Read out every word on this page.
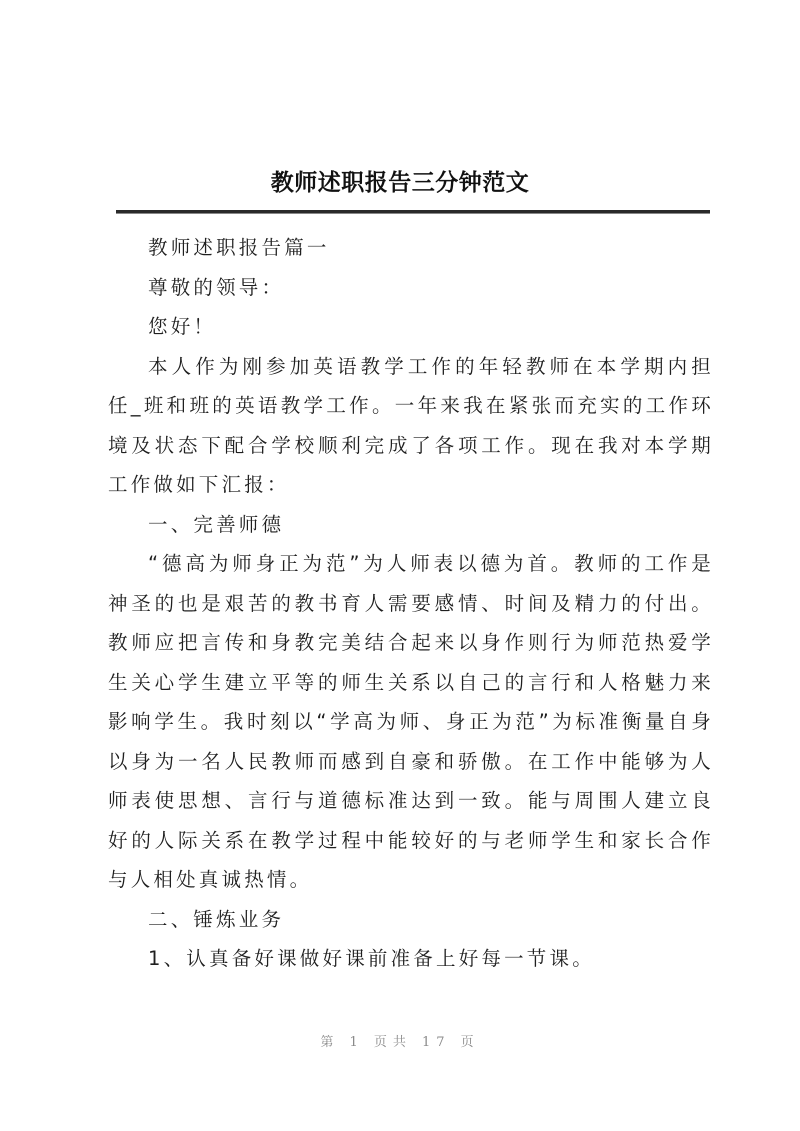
教师述职报告三分钟范文

教师述职报告篇一

尊敬的领导：

您好！

本人作为刚参加英语教学工作的年轻教师在本学期内担任_班和班的英语教学工作。一年来我在紧张而充实的工作环境及状态下配合学校顺利完成了各项工作。现在我对本学期工作做如下汇报：

一、完善师德

“德高为师身正为范”为人师表以德为首。教师的工作是神圣的也是艰苦的教书育人需要感情、时间及精力的付出。教师应把言传和身教完美结合起来以身作则行为师范热爱学生关心学生建立平等的师生关系以自己的言行和人格魅力来影响学生。我时刻以“学高为师、身正为范”为标准衡量自身以身为一名人民教师而感到自豪和骄傲。在工作中能够为人师表使思想、言行与道德标准达到一致。能与周围人建立良好的人际关系在教学过程中能较好的与老师学生和家长合作与人相处真诚热情。

二、锤炼业务

1、认真备好课做好课前准备上好每一节课。

第 1 页共 17 页
